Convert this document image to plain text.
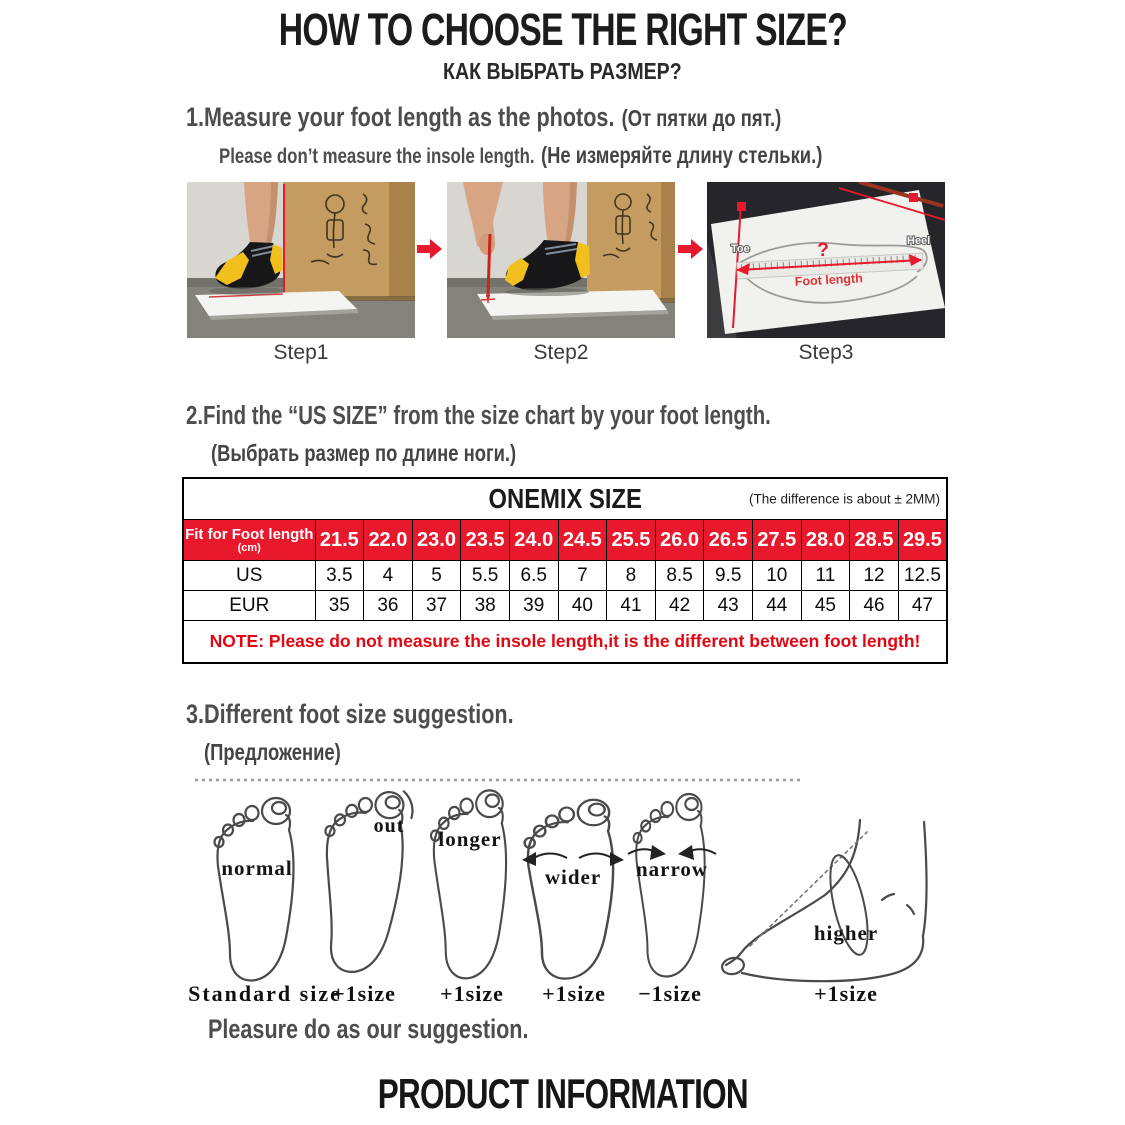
HOW TO CHOOSE THE RIGHT SIZE?
КАК ВЫБРАТЬ РАЗМЕР?
1.Measure your foot length as the photos. (От пятки до пят.)
Please don’t measure the insole length. (Не измеряйте длину стельки.)
?
Foot length
Toe
Heel
Step1	Step2	Step3
2.Find the “US SIZE” from the size chart by your foot length.
(Выбрать размер по длине ноги.)
ONEMIX SIZE (The difference is about ± 2MM)													

Fit for Foot length
(cm)	21.5	22.0	23.0	23.5	24.0	24.5	25.5	26.0	26.5	27.5	28.0	28.5	29.5
US	3.5	4	5	5.5	6.5	7	8	8.5	9.5	10	11	12	12.5
EUR	35	36	37	38	39	40	41	42	43	44	45	46	47
NOTE: Please do not measure the insole length,it is the different between foot length!													
3.Different foot size suggestion.
(Предложение)
normal
out
longer
wider narrow
higher
Standard size
+1size +1size +1size −1size	+1size
Pleasure do as our suggestion.
PRODUCT INFORMATION
